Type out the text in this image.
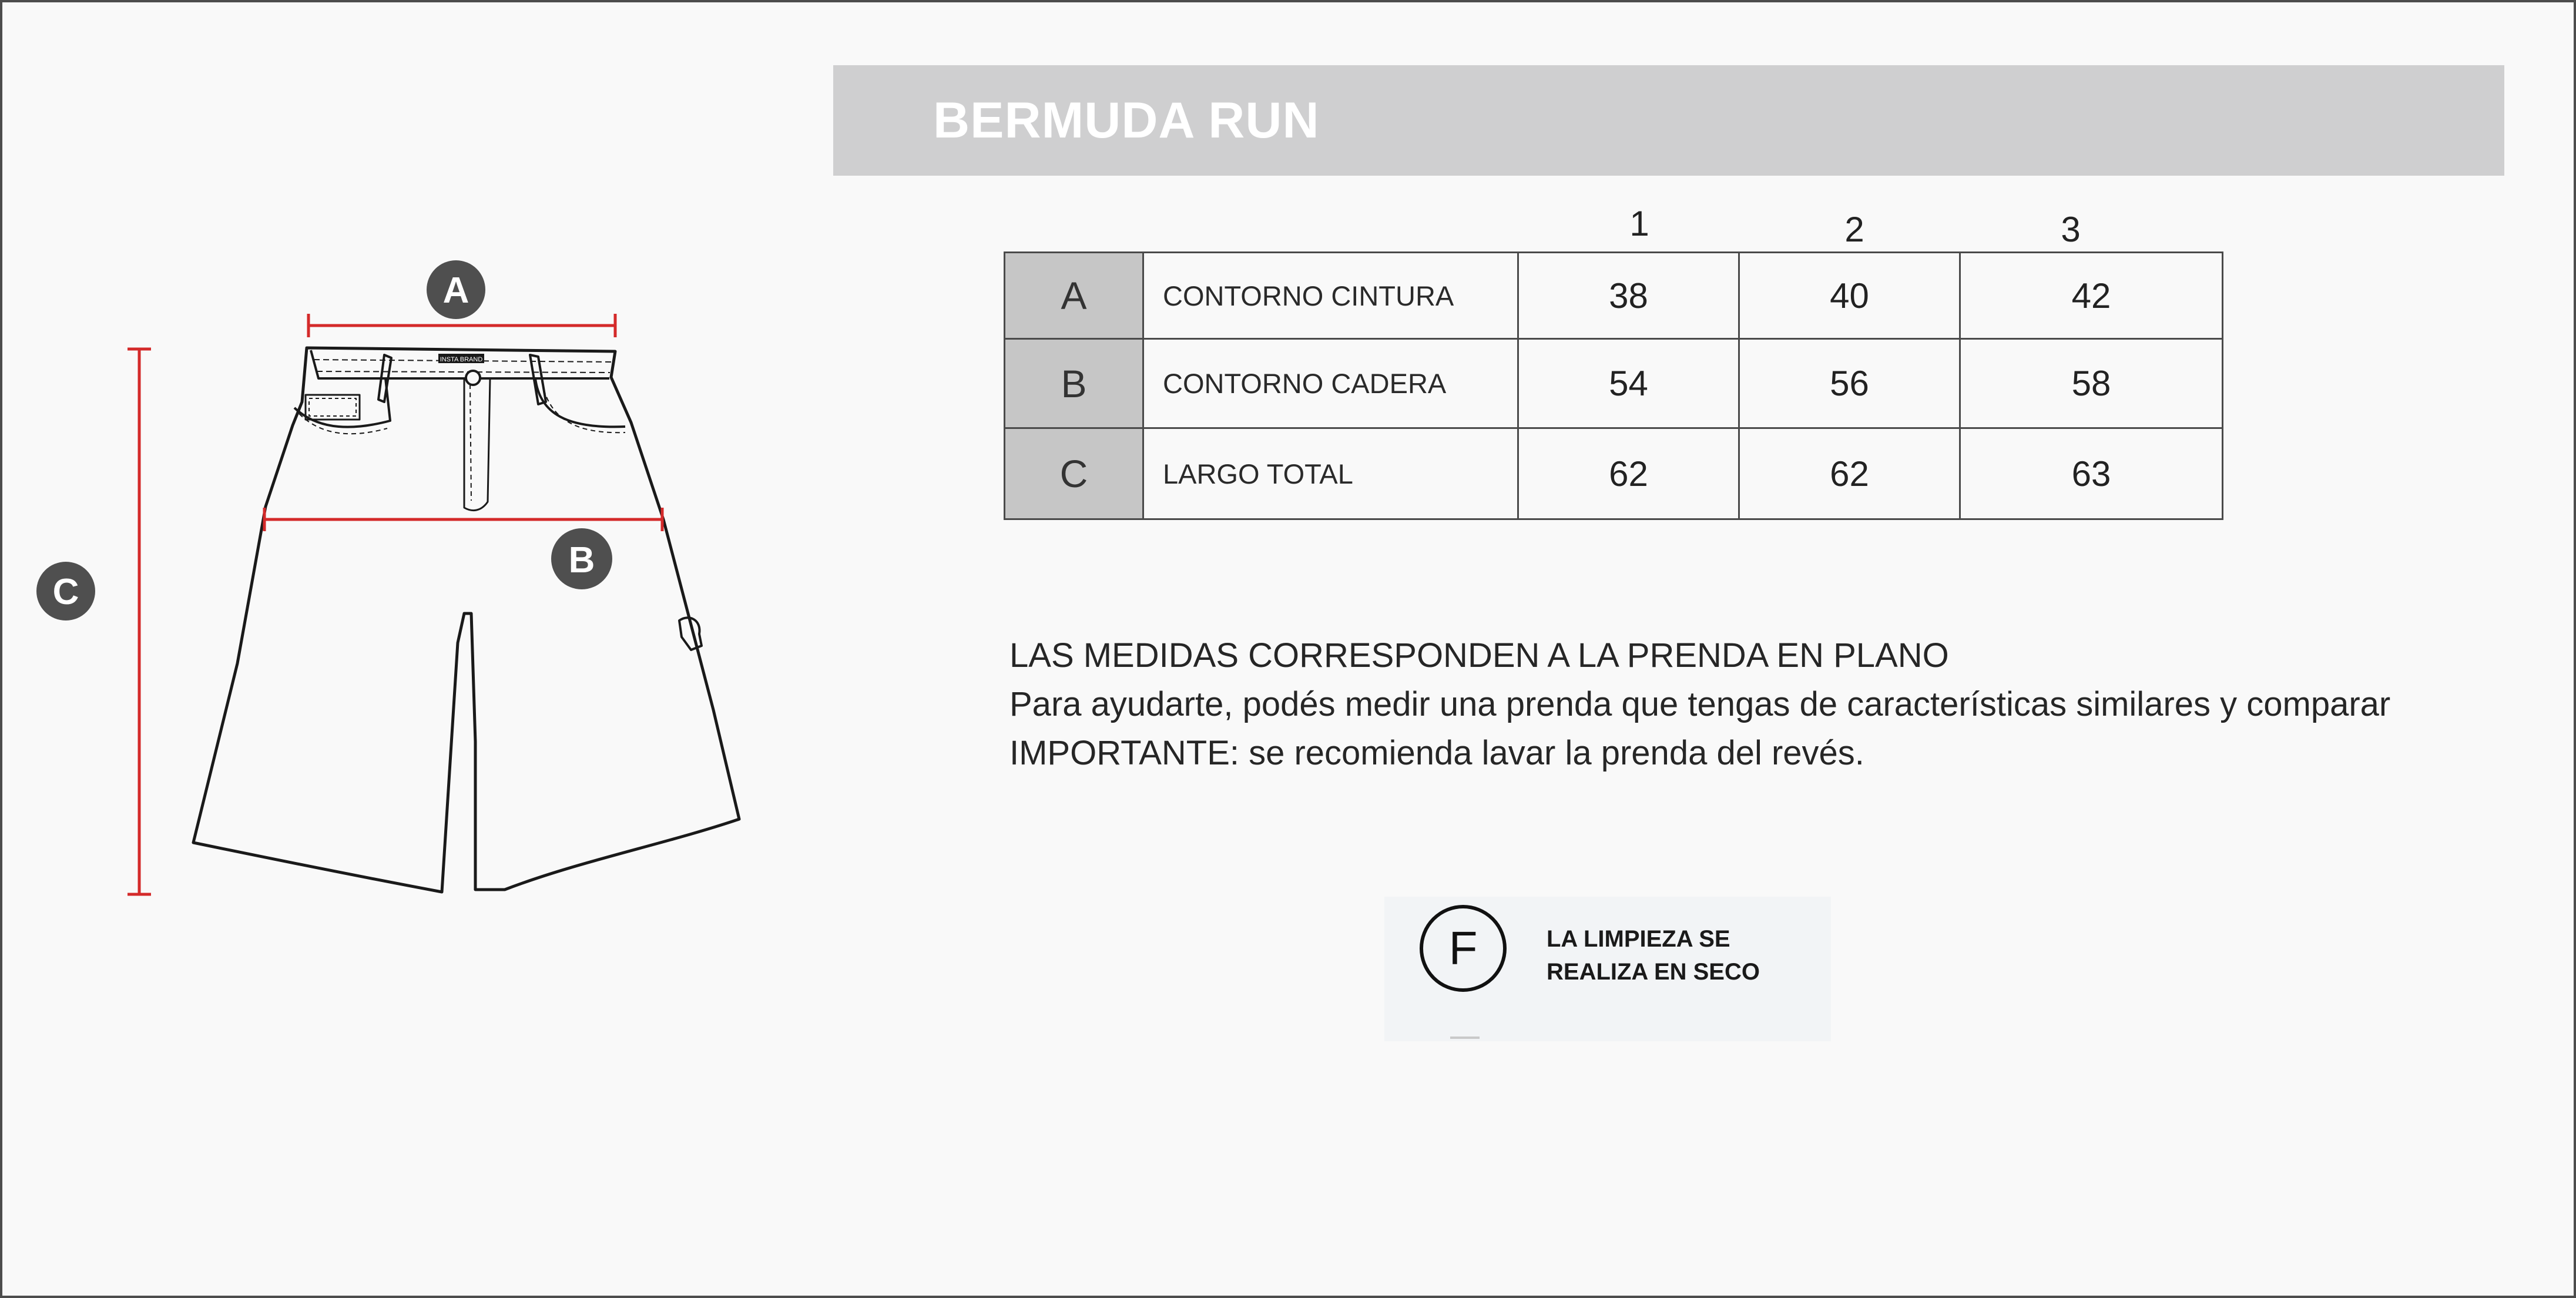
INSTA BRAND
A
B
C
BERMUDA RUN
1	2	3
A	CONTORNO CINTURA	38	40	42
B	CONTORNO CADERA	54	56	58
C	LARGO TOTAL	62	62	63
LAS MEDIDAS CORRESPONDEN A LA PRENDA EN PLANO
Para ayudarte, podés medir una prenda que tengas de características similares y comparar
IMPORTANTE: se recomienda lavar la prenda del revés.
F	LA LIMPIEZA SE
REALIZA EN SECO
